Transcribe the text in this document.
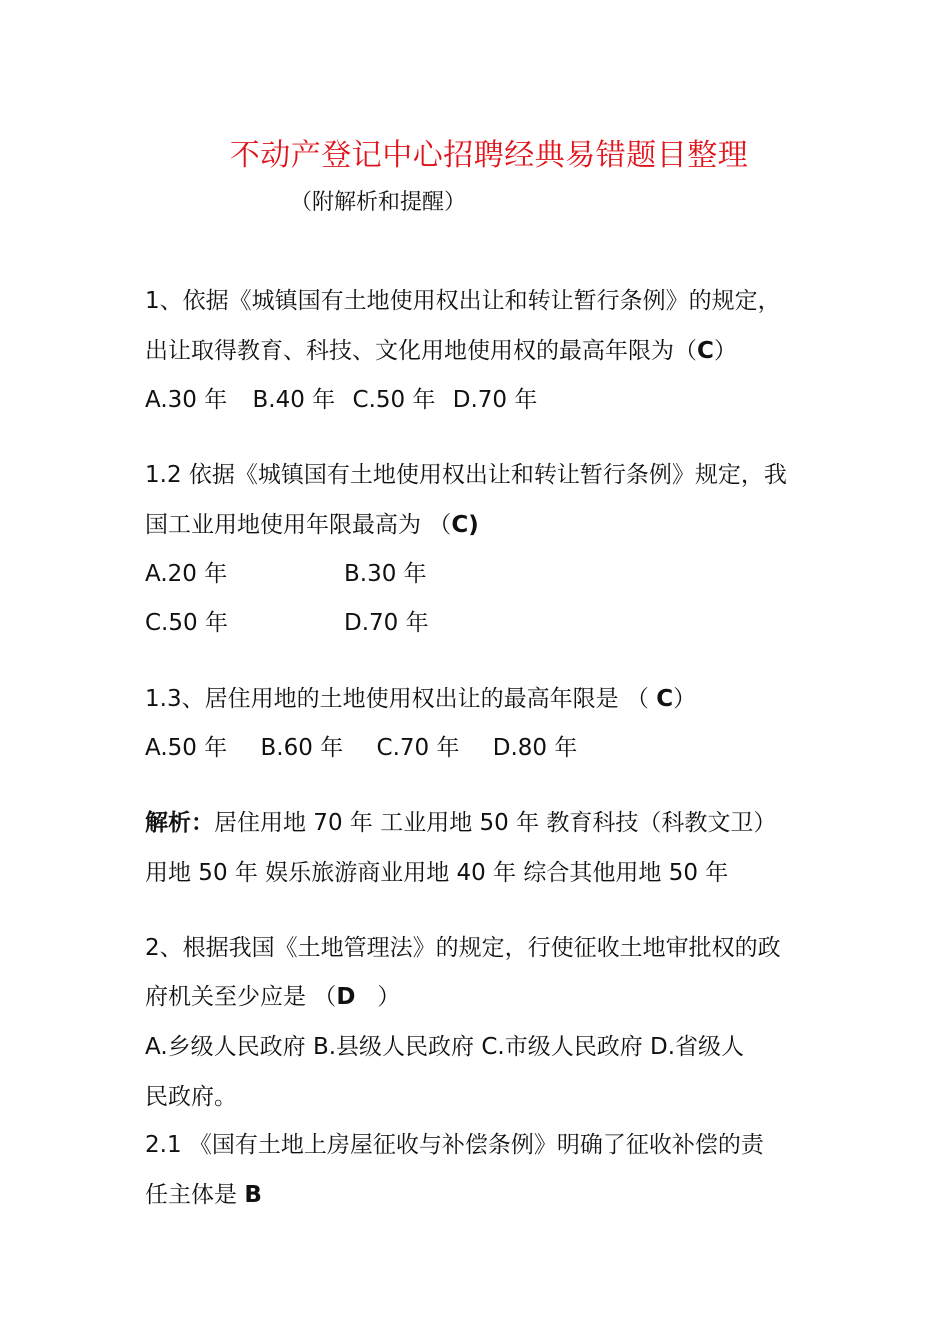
不动产登记中心招聘经典易错题目整理
（附解析和提醒）
1、依据《城镇国有土地使用权出让和转让暂行条例》的规定，
出让取得教育、科技、文化用地使用权的最高年限为（C）
A.30 年 B.40 年 C.50 年 D.70 年
1.2 依据《城镇国有土地使用权出让和转让暂行条例》规定，我
国工业用地使用年限最高为 （C)
A.20 年	B.30 年
C.50 年	D.70 年
1.3、居住用地的土地使用权出让的最高年限是 （ C）
A.50 年 B.60 年 C.70 年 D.80 年
解析：居住用地 70 年 工业用地 50 年 教育科技（科教文卫）
用地 50 年 娱乐旅游商业用地 40 年 综合其他用地 50 年
2、根据我国《土地管理法》的规定，行使征收土地审批权的政
府机关至少应是 （D   ）
A.乡级人民政府 B.县级人民政府 C.市级人民政府 D.省级人
民政府。
2.1 《国有土地上房屋征收与补偿条例》明确了征收补偿的责
任主体是 B
